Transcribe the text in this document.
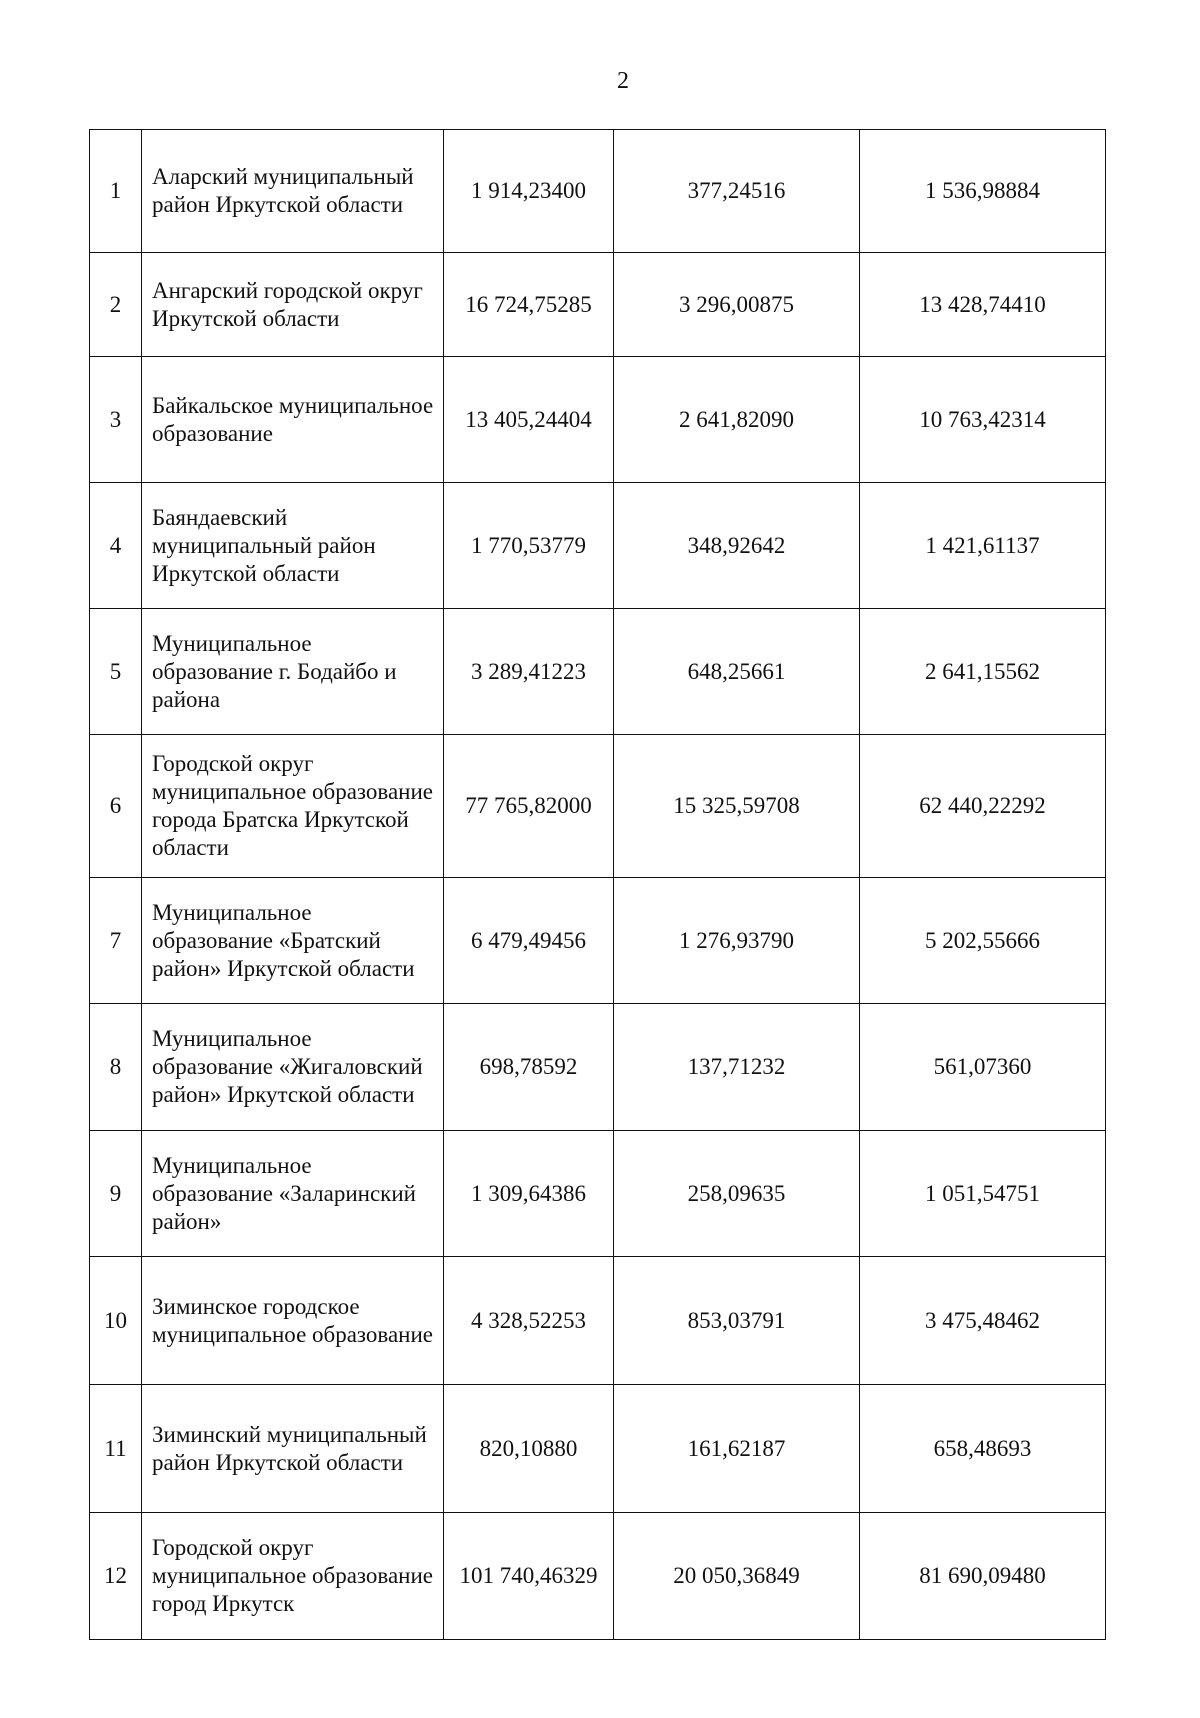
2
1	Аларский муниципальный район Иркутской области	1 914,23400	377,24516	1 536,98884
2	Ангарский городской округ Иркутской области	16 724,75285	3 296,00875	13 428,74410
3	Байкальское муниципальное образование	13 405,24404	2 641,82090	10 763,42314
4	Баяндаевский муниципальный район Иркутской области	1 770,53779	348,92642	1 421,61137
5	Муниципальное образование г. Бодайбо и района	3 289,41223	648,25661	2 641,15562
6	Городской округ муниципальное образование города Братска Иркутской области	77 765,82000	15 325,59708	62 440,22292
7	Муниципальное образование «Братский район» Иркутской области	6 479,49456	1 276,93790	5 202,55666
8	Муниципальное образование «Жигаловский район» Иркутской области	698,78592	137,71232	561,07360
9	Муниципальное образование «Заларинский район»	1 309,64386	258,09635	1 051,54751
10	Зиминское городское муниципальное образование	4 328,52253	853,03791	3 475,48462
11	Зиминский муниципальный район Иркутской области	820,10880	161,62187	658,48693
12	Городской округ муниципальное образование город Иркутск	101 740,46329	20 050,36849	81 690,09480
